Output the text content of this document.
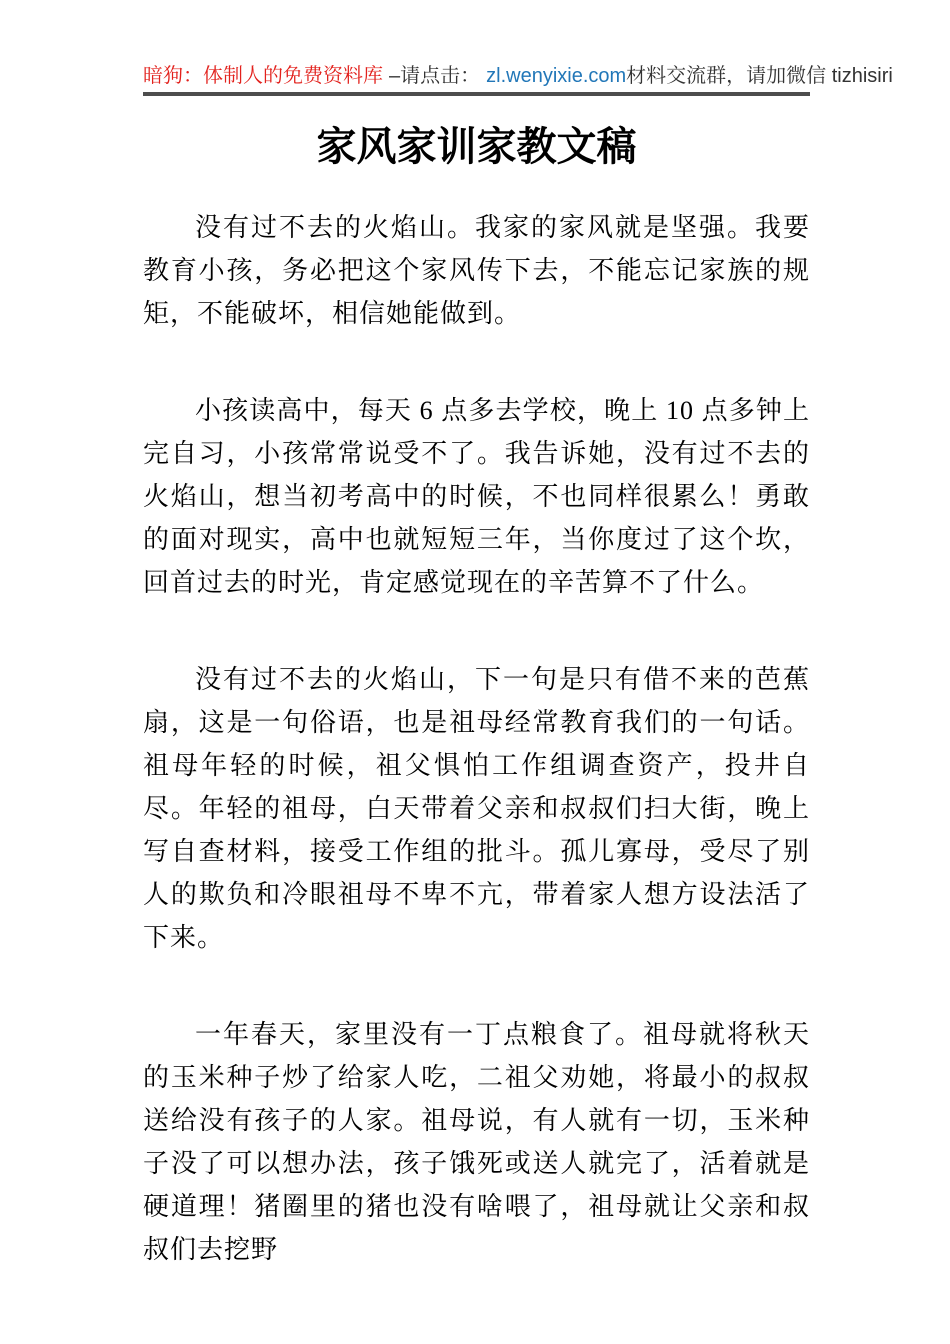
暗狗：体制人的免费资料库 –请点击： zl.wenyixie.com 材料交流群，请加微信 tizhisiri
家风家训家教文稿

没有过不去的火焰山。我家的家风就是坚强。我要教育小孩，务必把这个家风传下去，不能忘记家族的规矩，不能破坏，相信她能做到。

小孩读高中，每天 6 点多去学校，晚上 10 点多钟上完自习，小孩常常说受不了。我告诉她，没有过不去的火焰山，想当初考高中的时候，不也同样很累么！勇敢的面对现实，高中也就短短三年，当你度过了这个坎，回首过去的时光，肯定感觉现在的辛苦算不了什么。

没有过不去的火焰山，下一句是只有借不来的芭蕉扇，这是一句俗语，也是祖母经常教育我们的一句话。祖母年轻的时候，祖父惧怕工作组调查资产，投井自尽。年轻的祖母，白天带着父亲和叔叔们扫大街，晚上写自查材料，接受工作组的批斗。孤儿寡母，受尽了别人的欺负和冷眼祖母不卑不亢，带着家人想方设法活了下来。

一年春天，家里没有一丁点粮食了。祖母就将秋天的玉米种子炒了给家人吃，二祖父劝她，将最小的叔叔送给没有孩子的人家。祖母说，有人就有一切，玉米种子没了可以想办法，孩子饿死或送人就完了，活着就是硬道理！猪圈里的猪也没有啥喂了，祖母就让父亲和叔叔们去挖野
